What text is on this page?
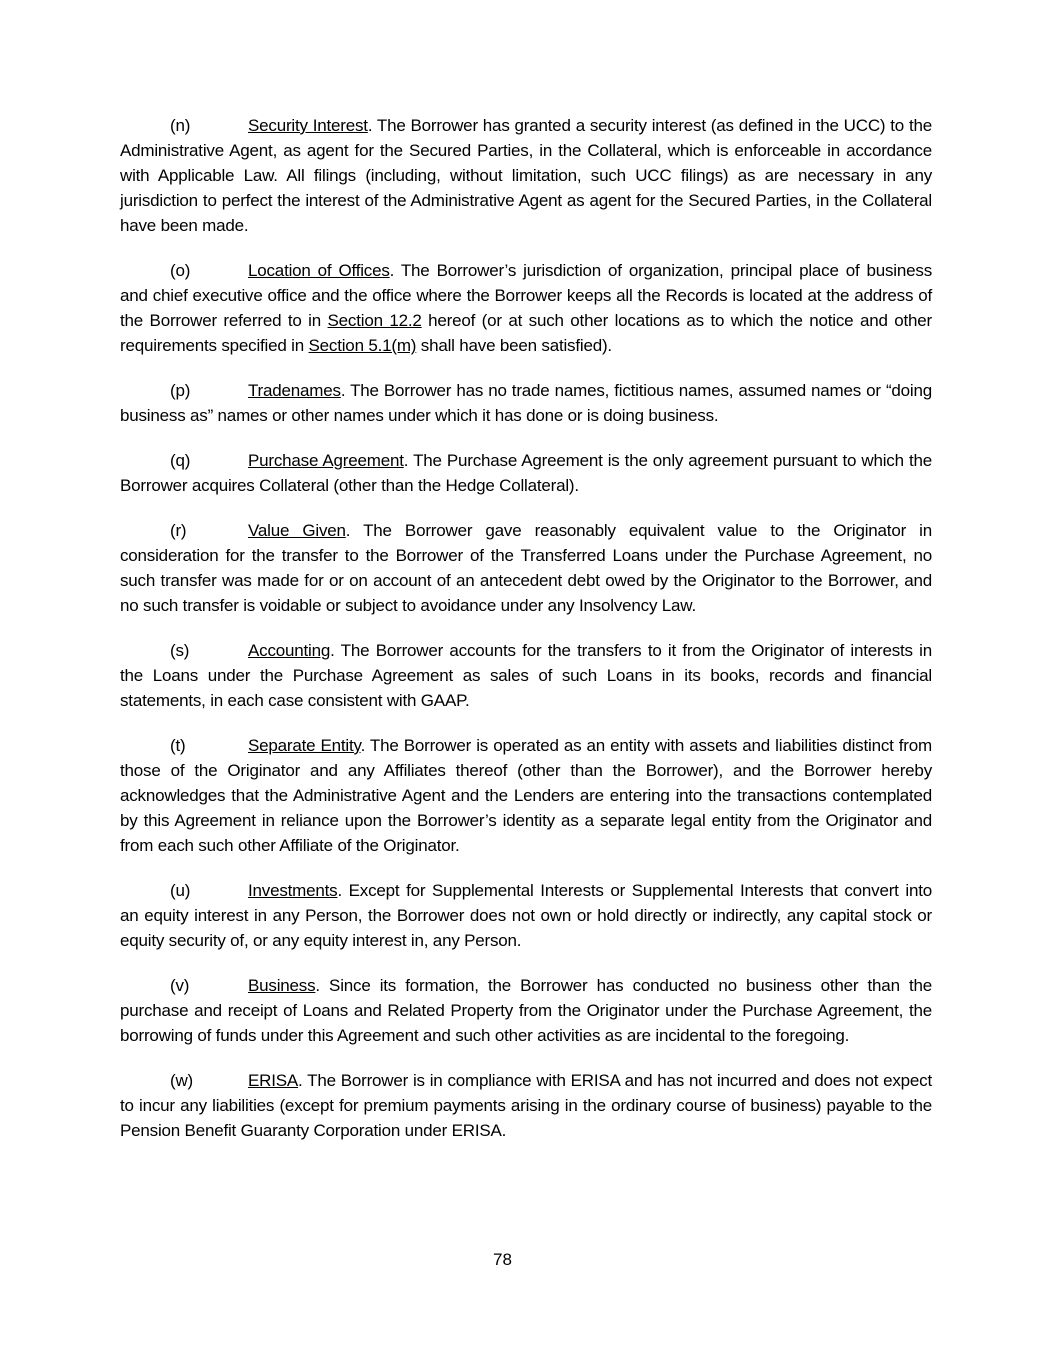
(n)	Security Interest. The Borrower has granted a security interest (as defined in the UCC) to the Administrative Agent, as agent for the Secured Parties, in the Collateral, which is enforceable in accordance with Applicable Law. All filings (including, without limitation, such UCC filings) as are necessary in any jurisdiction to perfect the interest of the Administrative Agent as agent for the Secured Parties, in the Collateral have been made.

(o)	Location of Offices. The Borrower’s jurisdiction of organization, principal place of business and chief executive office and the office where the Borrower keeps all the Records is located at the address of the Borrower referred to in Section 12.2 hereof (or at such other locations as to which the notice and other requirements specified in Section 5.1(m) shall have been satisfied).

(p)	Tradenames. The Borrower has no trade names, fictitious names, assumed names or “doing business as” names or other names under which it has done or is doing business.

(q)	Purchase Agreement. The Purchase Agreement is the only agreement pursuant to which the Borrower acquires Collateral (other than the Hedge Collateral).

(r)	Value Given. The Borrower gave reasonably equivalent value to the Originator in consideration for the transfer to the Borrower of the Transferred Loans under the Purchase Agreement, no such transfer was made for or on account of an antecedent debt owed by the Originator to the Borrower, and no such transfer is voidable or subject to avoidance under any Insolvency Law.

(s)	Accounting. The Borrower accounts for the transfers to it from the Originator of interests in the Loans under the Purchase Agreement as sales of such Loans in its books, records and financial statements, in each case consistent with GAAP.

(t)	Separate Entity. The Borrower is operated as an entity with assets and liabilities distinct from those of the Originator and any Affiliates thereof (other than the Borrower), and the Borrower hereby acknowledges that the Administrative Agent and the Lenders are entering into the transactions contemplated by this Agreement in reliance upon the Borrower’s identity as a separate legal entity from the Originator and from each such other Affiliate of the Originator.

(u)	Investments. Except for Supplemental Interests or Supplemental Interests that convert into an equity interest in any Person, the Borrower does not own or hold directly or indirectly, any capital stock or equity security of, or any equity interest in, any Person.

(v)	Business. Since its formation, the Borrower has conducted no business other than the purchase and receipt of Loans and Related Property from the Originator under the Purchase Agreement, the borrowing of funds under this Agreement and such other activities as are incidental to the foregoing.

(w)	ERISA. The Borrower is in compliance with ERISA and has not incurred and does not expect to incur any liabilities (except for premium payments arising in the ordinary course of business) payable to the Pension Benefit Guaranty Corporation under ERISA.

78
